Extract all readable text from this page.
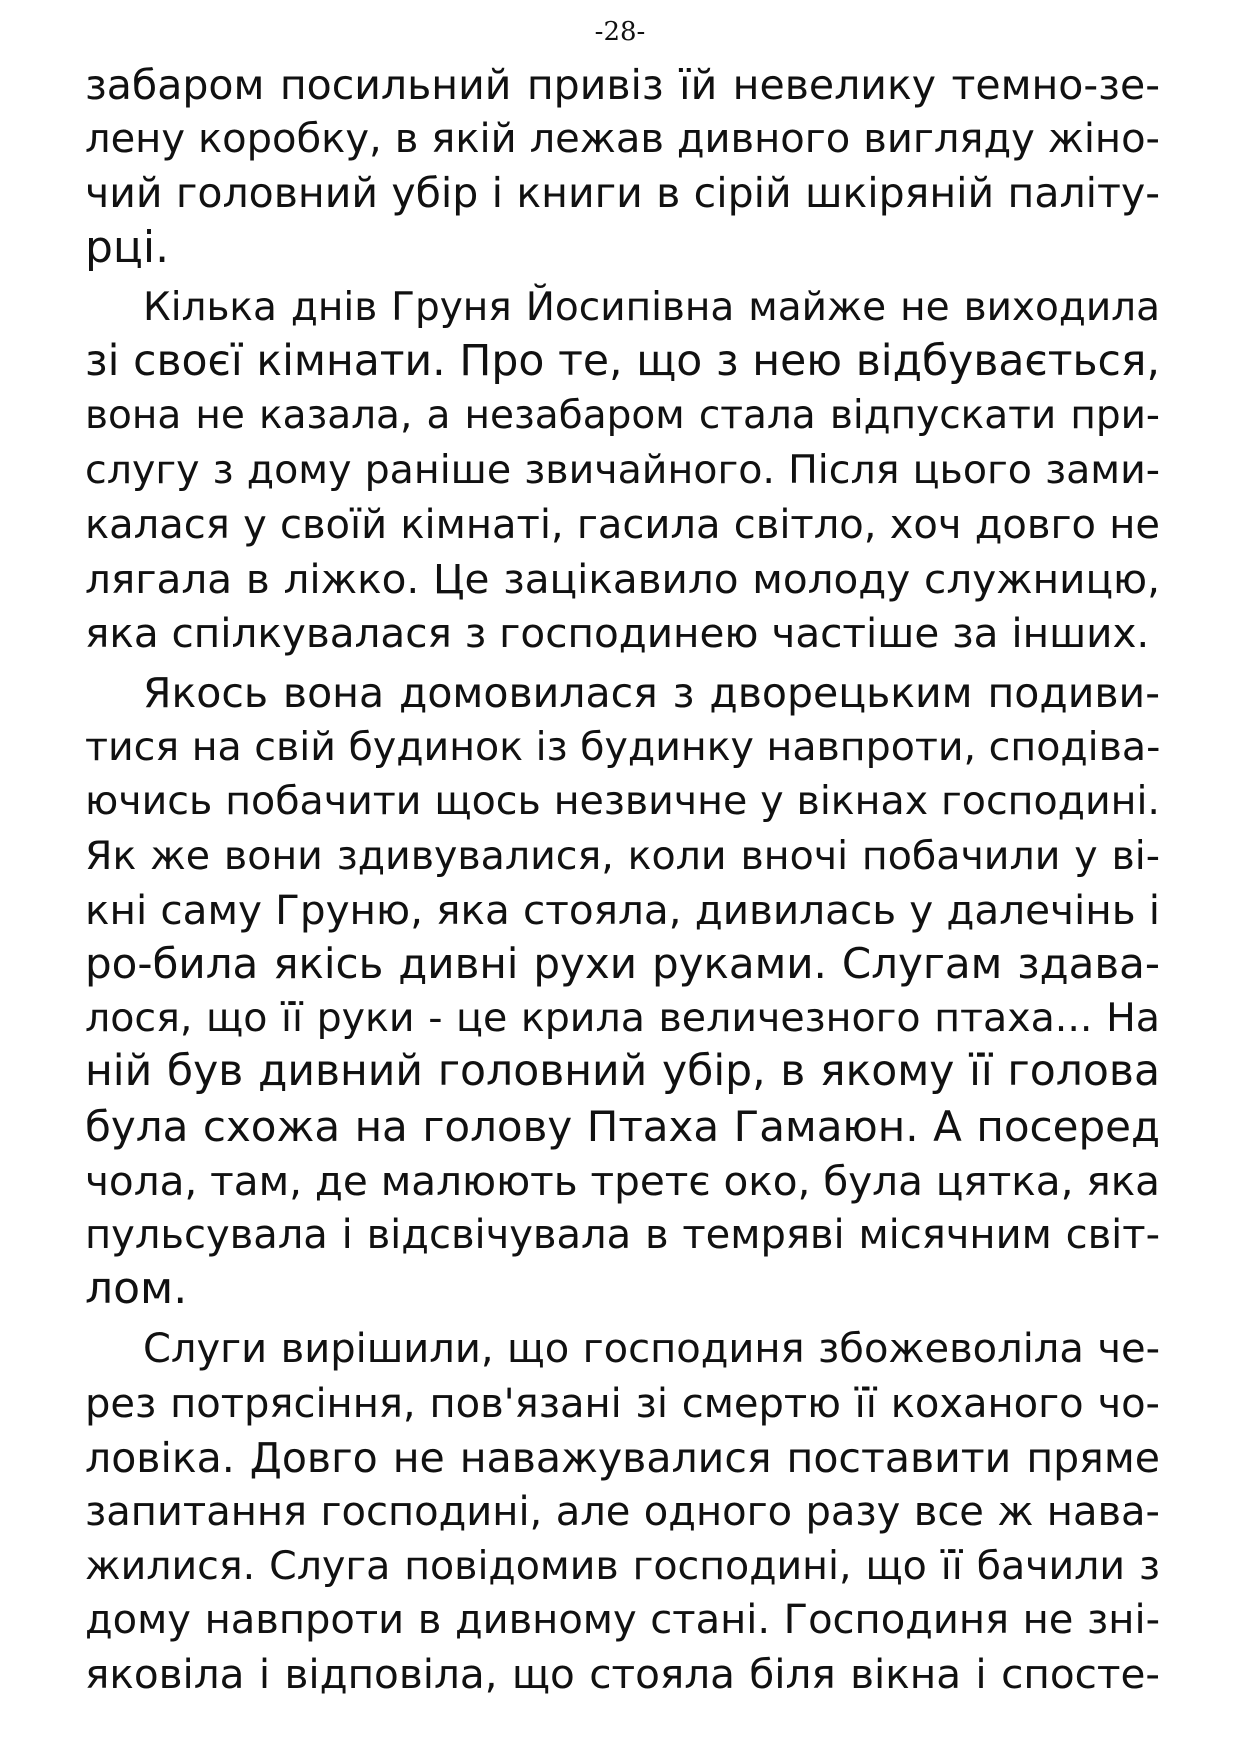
-28-
забаром посильний привіз їй невелику темно-зе-
лену коробку, в якій лежав дивного вигляду жіно-
чий головний убір і книги в сірій шкіряній паліту-
рці.
Кілька днів Груня Йосипівна майже не виходила
зі своєї кімнати. Про те, що з нею відбувається,
вона не казала, а незабаром стала відпускати при-
слугу з дому раніше звичайного. Після цього зами-
калася у своїй кімнаті, гасила світло, хоч довго не
лягала в ліжко. Це зацікавило молоду служницю,
яка спілкувалася з господинею частіше за інших.
Якось вона домовилася з дворецьким подиви-
тися на свій будинок із будинку навпроти, сподіва-
ючись побачити щось незвичне у вікнах господині.
Як же вони здивувалися, коли вночі побачили у ві-
кні саму Груню, яка стояла, дивилась у далечінь і
ро-била якісь дивні рухи руками. Слугам здава-
лося, що її руки - це крила величезного птаха... На
ній був дивний головний убір, в якому її голова
була схожа на голову Птаха Гамаюн. А посеред
чола, там, де малюють третє око, була цятка, яка
пульсувала і відсвічувала в темряві місячним світ-
лом.
Слуги вирішили, що господиня збожеволіла че-
рез потрясіння, пов'язані зі смертю її коханого чо-
ловіка. Довго не наважувалися поставити пряме
запитання господині, але одного разу все ж нава-
жилися. Слуга повідомив господині, що її бачили з
дому навпроти в дивному стані. Господиня не зні-
яковіла і відповіла, що стояла біля вікна і спосте-
